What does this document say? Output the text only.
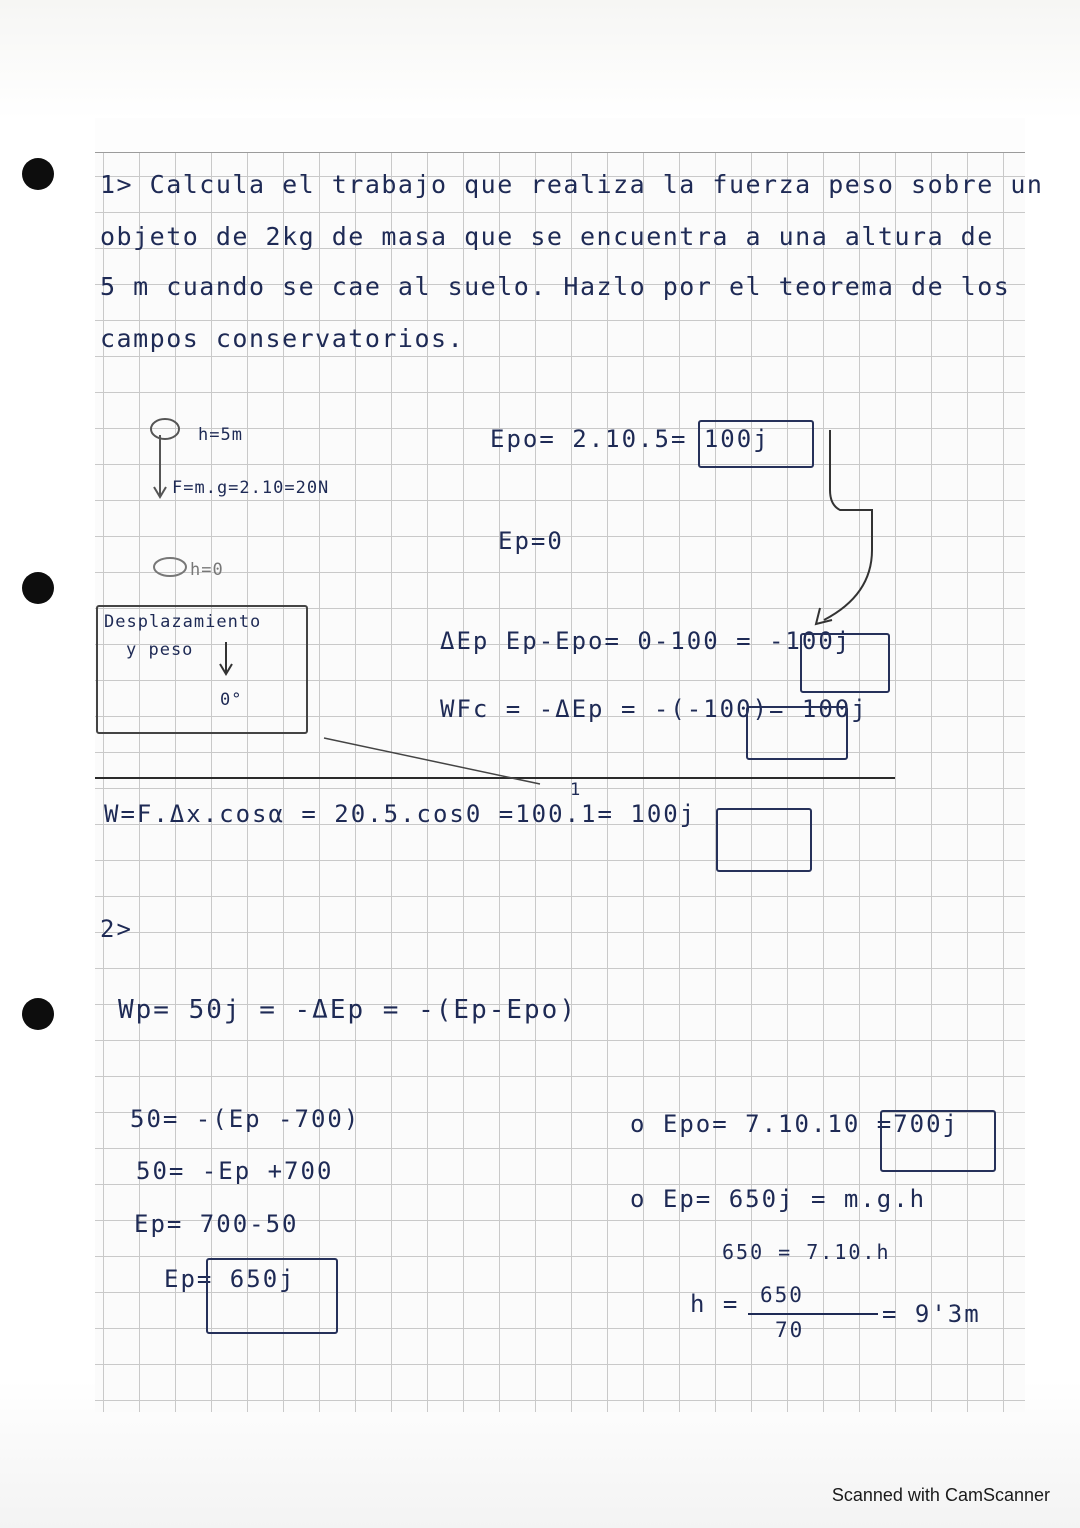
1> Calcula el trabajo que realiza la fuerza peso sobre un
objeto de 2kg de masa que se encuentra a una altura de
5 m cuando se cae al suelo. Hazlo por el teorema de los
campos conservatorios.
h=5m
F=m.g=2.10=20N
h=0
Desplazamiento
y peso
0°
Epo= 2.10.5= 100j
Ep=0
ΔEp Ep-Epo= 0-100 = -100j
WFc = -ΔEp = -(-100)= 100j
W=F.Δx.cosα = 20.5.cos0 =100.1= 100j
1
2>
Wp= 50j = -ΔEp = -(Ep-Epo)
50= -(Ep -700)
50= -Ep +700
Ep= 700-50
Ep= 650j
o Epo= 7.10.10 =700j
o Ep= 650j = m.g.h
650 = 7.10.h
h = 650
70
= 9'3m
Scanned with CamScanner
